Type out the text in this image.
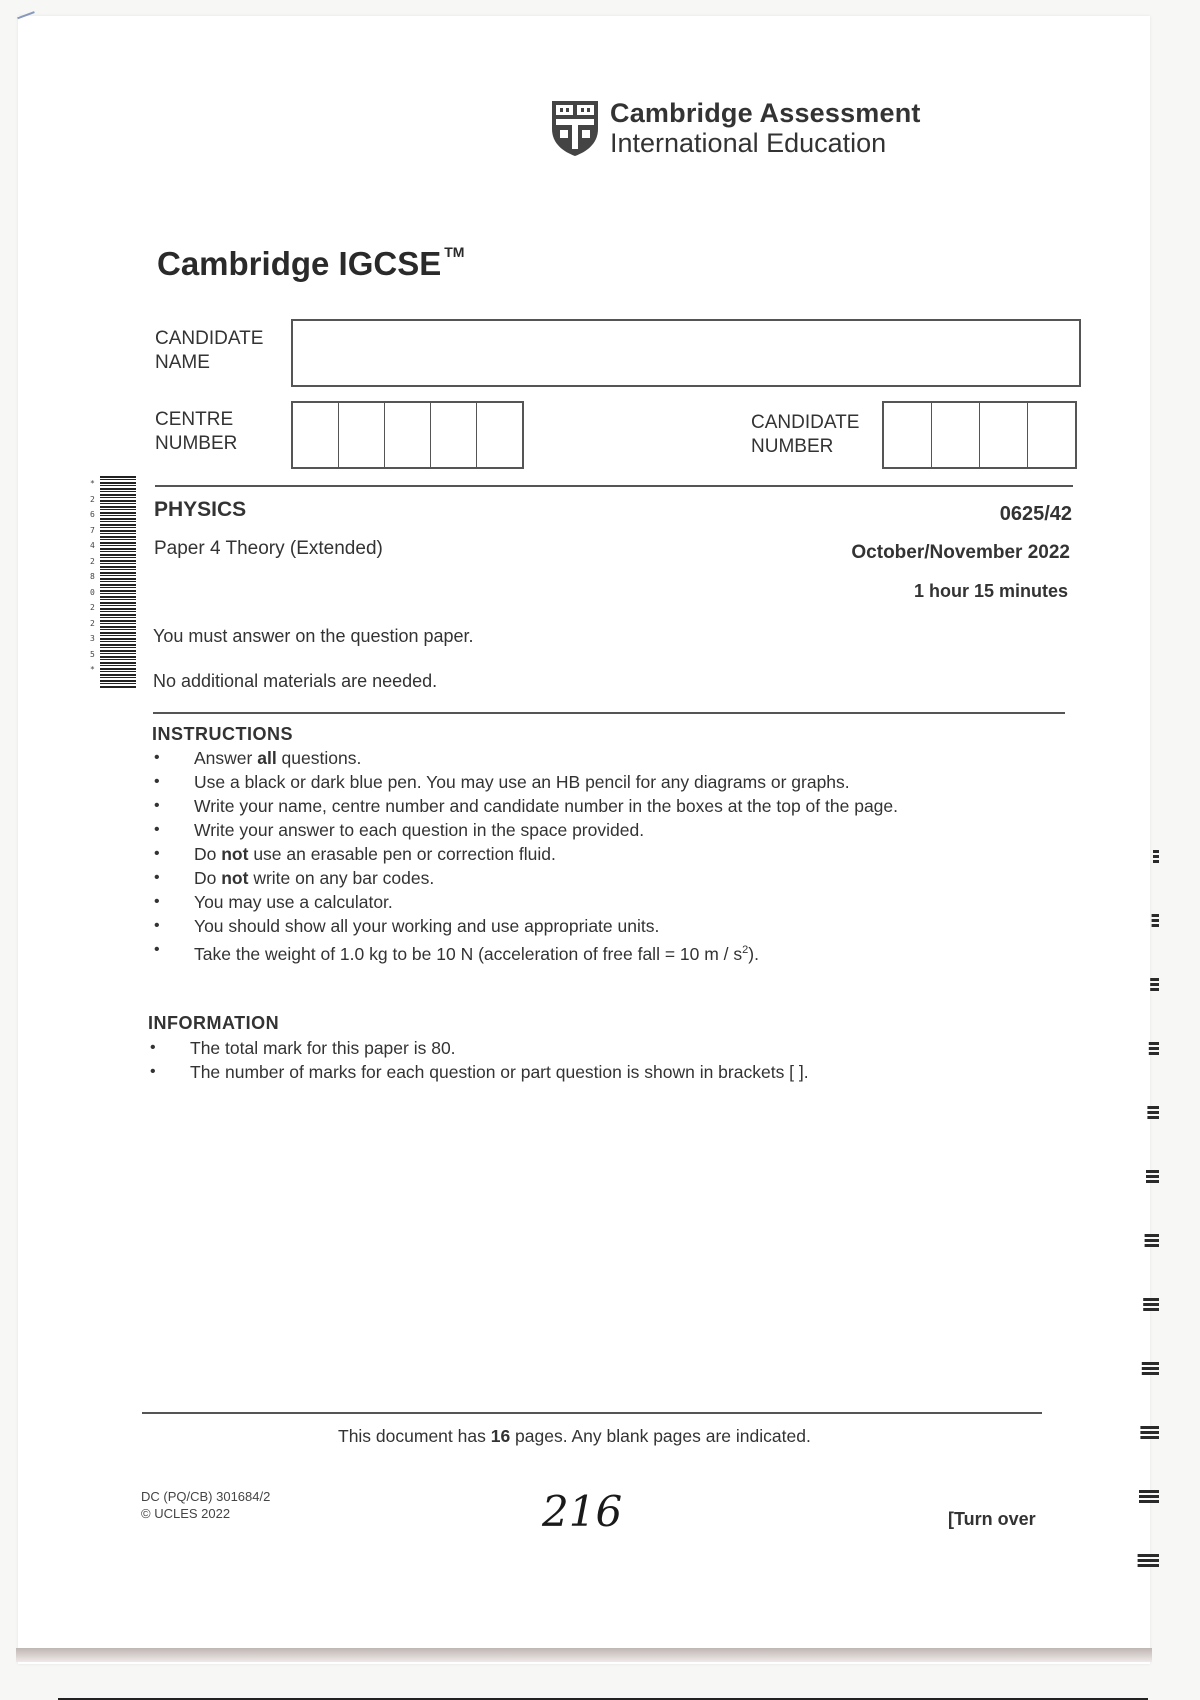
Cambridge Assessment
International Education
Cambridge IGCSE ™
CANDIDATE
NAME
CENTRE
NUMBER
CANDIDATE
NUMBER
*
2
6
7
4
2
8
0
2
2
3
5
*
PHYSICS
Paper 4 Theory (Extended)
0625/42
October/November 2022
1 hour 15 minutes
You must answer on the question paper.
No additional materials are needed.
INSTRUCTIONS
• Answer all questions.
• Use a black or dark blue pen. You may use an HB pencil for any diagrams or graphs.
• Write your name, centre number and candidate number in the boxes at the top of the page.
• Write your answer to each question in the space provided.
• Do not use an erasable pen or correction fluid.
• Do not write on any bar codes.
• You may use a calculator.
• You should show all your working and use appropriate units.
• Take the weight of 1.0 kg to be 10 N (acceleration of free fall = 10 m / $s^2$).
INFORMATION
• The total mark for this paper is 80.
• The number of marks for each question or part question is shown in brackets [ ].
This document has 16 pages. Any blank pages are indicated.
DC (PQ/CB) 301684/2
© UCLES 2022	216	[Turn over
